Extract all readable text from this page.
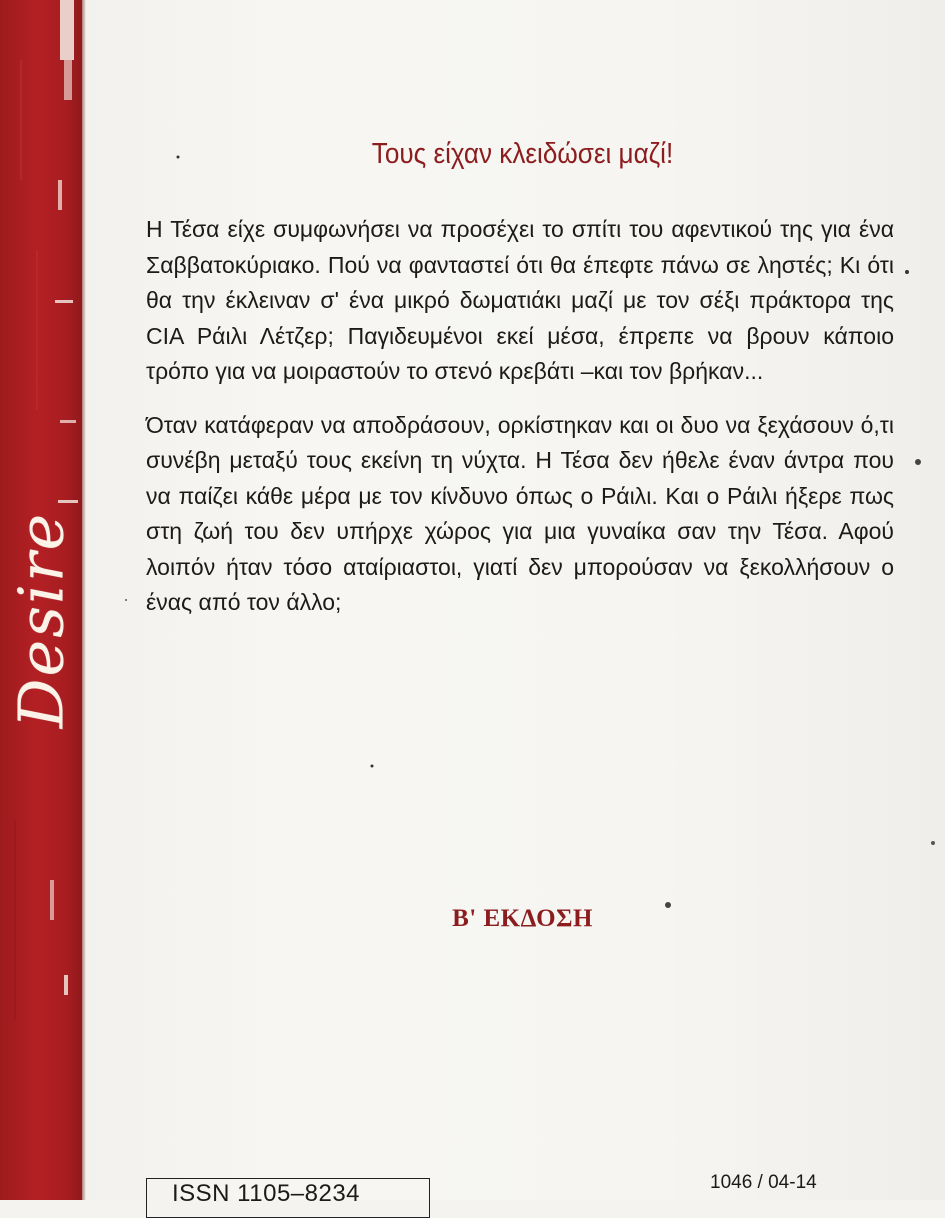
Desire
Τους είχαν κλειδώσει μαζί!

Η Τέσα είχε συμφωνήσει να προσέχει το σπίτι του αφεντικού της για ένα Σαββατοκύριακο. Πού να φανταστεί ότι θα έπεφτε πάνω σε ληστές; Κι ότι θα την έκλειναν σ' ένα μικρό δωματιάκι μαζί με τον σέξι πράκτορα της CIA Ράιλι Λέτζερ; Παγιδευμένοι εκεί μέσα, έπρεπε να βρουν κάποιο τρόπο για να μοιραστούν το στενό κρεβάτι –και τον βρήκαν...

Όταν κατάφεραν να αποδράσουν, ορκίστηκαν και οι δυο να ξεχάσουν ό,τι συνέβη μεταξύ τους εκείνη τη νύχτα. Η Τέσα δεν ήθελε έναν άντρα που να παίζει κάθε μέρα με τον κίνδυνο όπως ο Ράιλι. Και ο Ράιλι ήξερε πως στη ζωή του δεν υπήρχε χώρος για μια γυναίκα σαν την Τέσα. Αφού λοιπόν ήταν τόσο αταίριαστοι, γιατί δεν μπορούσαν να ξεκολλήσουν ο ένας από τον άλλο;

Β' ΕΚΔΟΣΗ
ISSN 1105–8234	1046 / 04-14
